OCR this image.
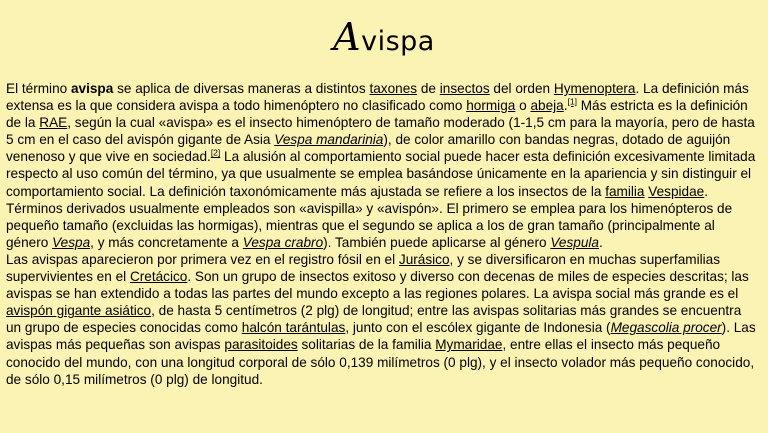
Avispa

El término avispa se aplica de diversas maneras a distintos taxones de insectos del orden Hymenoptera. La definición más extensa es la que considera avispa a todo himenóptero no clasificado como hormiga o abeja.[1] Más estricta es la definición de la RAE, según la cual «avispa» es el insecto himenóptero de tamaño moderado (1-1,5 cm para la mayoría, pero de hasta 5 cm en el caso del avispón gigante de Asia Vespa mandarinia), de color amarillo con bandas negras, dotado de aguijón venenoso y que vive en sociedad.[2] La alusión al comportamiento social puede hacer esta definición excesivamente limitada respecto al uso común del término, ya que usualmente se emplea basándose únicamente en la apariencia y sin distinguir el comportamiento social. La definición taxonómicamente más ajustada se refiere a los insectos de la familia Vespidae.

Términos derivados usualmente empleados son «avispilla» y «avispón». El primero se emplea para los himenópteros de pequeño tamaño (excluidas las hormigas), mientras que el segundo se aplica a los de gran tamaño (principalmente al género Vespa, y más concretamente a Vespa crabro). También puede aplicarse al género Vespula.

Las avispas aparecieron por primera vez en el registro fósil en el Jurásico, y se diversificaron en muchas superfamilias supervivientes en el Cretácico. Son un grupo de insectos exitoso y diverso con decenas de miles de especies descritas; las avispas se han extendido a todas las partes del mundo excepto a las regiones polares. La avispa social más grande es el avispón gigante asiático, de hasta 5 centímetros (2 plg) de longitud; entre las avispas solitarias más grandes se encuentra un grupo de especies conocidas como halcón tarántulas, junto con el escólex gigante de Indonesia (Megascolia procer). Las avispas más pequeñas son avispas parasitoides solitarias de la familia Mymaridae, entre ellas el insecto más pequeño conocido del mundo, con una longitud corporal de sólo 0,139 milímetros (0 plg), y el insecto volador más pequeño conocido, de sólo 0,15 milímetros (0 plg) de longitud.
